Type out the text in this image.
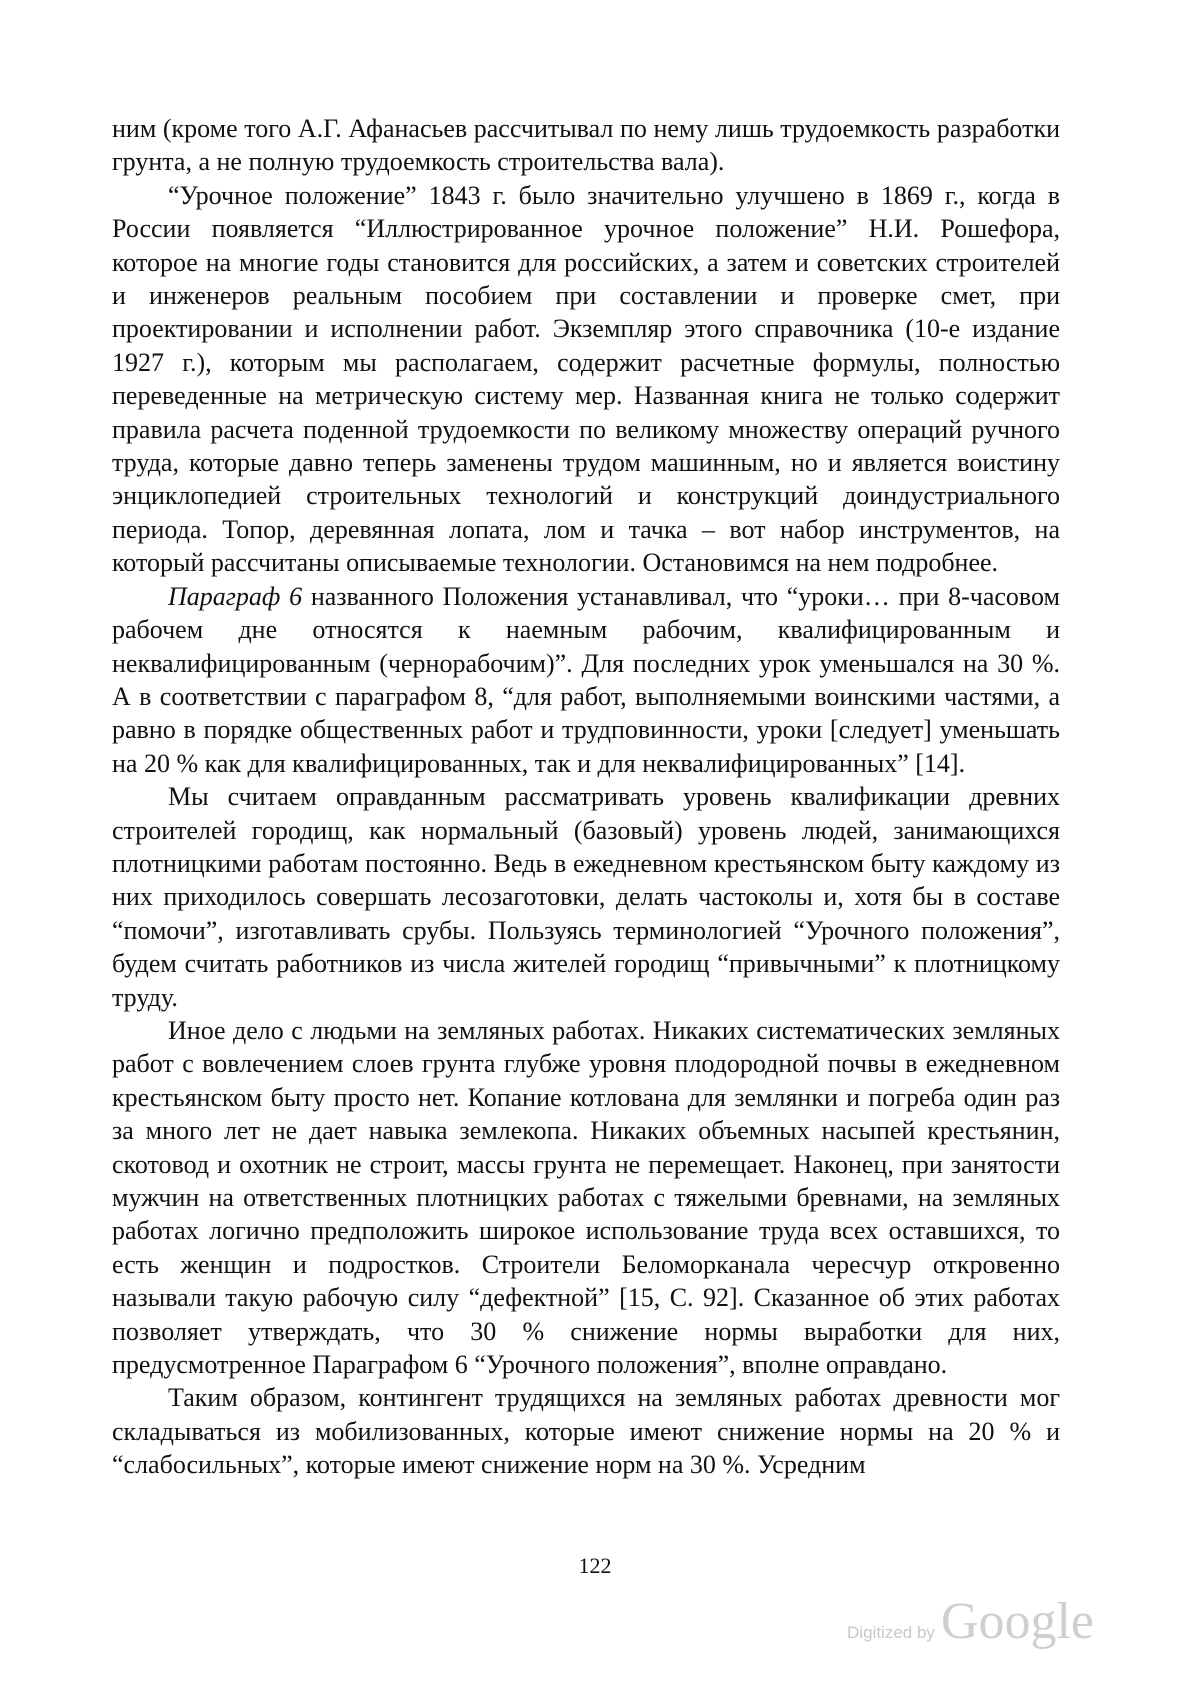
ним (кроме того А.Г. Афанасьев рассчитывал по нему лишь трудоемкость разработки грунта, а не полную трудоемкость строительства вала).

“Урочное положение” 1843 г. было значительно улучшено в 1869 г., когда в России появляется “Иллюстрированное урочное положение” Н.И. Рошефора, которое на многие годы становится для российских, а затем и советских строителей и инженеров реальным пособием при составлении и проверке смет, при проектировании и исполнении работ. Экземпляр этого справочника (10-е издание 1927 г.), которым мы располагаем, содержит расчетные формулы, полностью переведенные на метрическую систему мер. Названная книга не только содержит правила расчета поденной трудоемкости по великому множеству операций ручного труда, которые давно теперь заменены трудом машинным, но и является воистину энциклопедией строительных технологий и конструкций доиндустриального периода. Топор, деревянная лопата, лом и тачка – вот набор инструментов, на который рассчитаны описываемые технологии. Остановимся на нем подробнее.

Параграф 6 названного Положения устанавливал, что “уроки… при 8-часовом рабочем дне относятся к наемным рабочим, квалифицированным и неквалифицированным (чернорабочим)”. Для последних урок уменьшался на 30 %. А в соответствии с параграфом 8, “для работ, выполняемыми воинскими частями, а равно в порядке общественных работ и трудповинности, уроки [следует] уменьшать на 20 % как для квалифицированных, так и для неквалифицированных” [14].

Мы считаем оправданным рассматривать уровень квалификации древних строителей городищ, как нормальный (базовый) уровень людей, занимающихся плотницкими работам постоянно. Ведь в ежедневном крестьянском быту каждому из них приходилось совершать лесозаготовки, делать частоколы и, хотя бы в составе “помочи”, изготавливать срубы. Пользуясь терминологией “Урочного положения”, будем считать работников из числа жителей городищ “привычными” к плотницкому труду.

Иное дело с людьми на земляных работах. Никаких систематических земляных работ с вовлечением слоев грунта глубже уровня плодородной почвы в ежедневном крестьянском быту просто нет. Копание котлована для землянки и погреба один раз за много лет не дает навыка землекопа. Никаких объемных насыпей крестьянин, скотовод и охотник не строит, массы грунта не перемещает. Наконец, при занятости мужчин на ответственных плотницких работах с тяжелыми бревнами, на земляных работах логично предположить широкое использование труда всех оставшихся, то есть женщин и подростков. Строители Беломорканала чересчур откровенно называли такую рабочую силу “дефектной” [15, С. 92]. Сказанное об этих работах позволяет утверждать, что 30 % снижение нормы выработки для них, предусмотренное Параграфом 6 “Урочного положения”, вполне оправдано.

Таким образом, контингент трудящихся на земляных работах древности мог складываться из мобилизованных, которые имеют снижение нормы на 20 % и “слабосильных”, которые имеют снижение норм на 30 %. Усредним

122
Digitized by Google
